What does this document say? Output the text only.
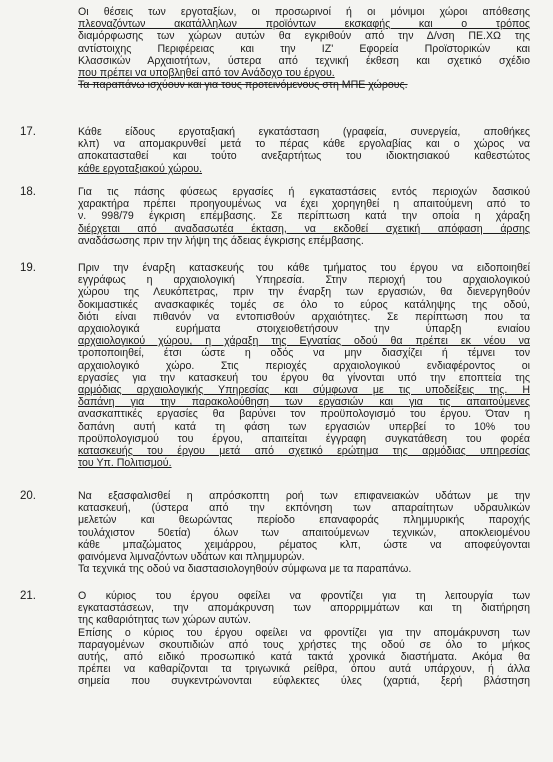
Οι θέσεις των εργοταξίων, οι προσωρινοί ή οι μόνιμοι χώροι απόθεσης
πλεοναζόντων ακατάλληλων προϊόντων εκσκαφής και ο τρόπος
διαμόρφωσης των χώρων αυτών θα εγκριθούν από την Δ/νση ΠΕ.ΧΩ της
αντίστοιχης Περιφέρειας και την ΙΖ' Εφορεία Προϊστορικών και
Κλασσικών Αρχαιοτήτων, ύστερα από τεχνική έκθεση και σχετικό σχέδιο
που πρέπει να υποβληθεί από τον Ανάδοχο του έργου.
Τα παραπάνω ισχύουν και για τους προτεινόμενους στη ΜΠΕ χώρους.
17.	Κάθε είδους εργοταξιακή εγκατάσταση (γραφεία, συνεργεία, αποθήκες
κλπ) να απομακρυνθεί μετά το πέρας κάθε εργολαβίας και ο χώρος να
αποκατασταθεί και τούτο ανεξαρτήτως του ιδιοκτησιακού καθεστώτος
κάθε εργοταξιακού χώρου.
18.	Για τις πάσης φύσεως εργασίες ή εγκαταστάσεις εντός περιοχών δασικού
χαρακτήρα πρέπει προηγουμένως να έχει χορηγηθεί η απαιτούμενη από το
ν. 998/79 έγκριση επέμβασης. Σε περίπτωση κατά την οποία η χάραξη
διέρχεται από αναδασωτέα έκταση, να εκδοθεί σχετική απόφαση άρσης
αναδάσωσης πριν την λήψη της άδειας έγκρισης επέμβασης.
19.	Πριν την έναρξη κατασκευής του κάθε τμήματος του έργου να ειδοποιηθεί
εγγράφως η αρχαιολογική Υπηρεσία. Στην περιοχή του αρχαιολογικού
χώρου της Λευκόπετρας, πριν την έναρξη των εργασιών, θα διενεργηθούν
δοκιμαστικές ανασκαφικές τομές σε όλο το εύρος κατάληψης της οδού,
διότι είναι πιθανόν να εντοπισθούν αρχαιότητες. Σε περίπτωση που τα
αρχαιολογικά ευρήματα στοιχειοθετήσουν την ύπαρξη ενιαίου
αρχαιολογικού χώρου, η χάραξη της Εγνατίας οδού θα πρέπει εκ νέου να
τροποποιηθεί, έτσι ώστε η οδός να μην διασχίζει ή τέμνει τον
αρχαιολογικό χώρο. Στις περιοχές αρχαιολογικού ενδιαφέροντος οι
εργασίες για την κατασκευή του έργου θα γίνονται υπό την εποπτεία της
αρμόδιας αρχαιολογικής Υπηρεσίας και σύμφωνα με τις υποδείξεις της. Η
δαπάνη για την παρακολούθηση των εργασιών και για τις απαιτούμενες
ανασκαπτικές εργασίες θα βαρύνει τον προϋπολογισμό του έργου. Όταν η
δαπάνη αυτή κατά τη φάση των εργασιών υπερβεί το 10% του
προϋπολογισμού του έργου, απαιτείται έγγραφη συγκατάθεση του φορέα
κατασκευής του έργου μετά από σχετικό ερώτημα της αρμόδιας υπηρεσίας
του Υπ. Πολιτισμού.
20.	Να εξασφαλισθεί η απρόσκοπτη ροή των επιφανειακών υδάτων με την
κατασκευή, (ύστερα από την εκπόνηση των απαραίτητων υδραυλικών
μελετών και θεωρώντας περίοδο επαναφοράς πλημμυρικής παροχής
τουλάχιστον 50ετία) όλων των απαιτούμενων τεχνικών, αποκλειομένου
κάθε μπαζώματος χειμάρρου, ρέματος κλπ, ώστε να αποφεύγονται
φαινόμενα λιμναζόντων υδάτων και πλημμυρών.
Τα τεχνικά της οδού να διαστασιολογηθούν σύμφωνα με τα παραπάνω.
21.	Ο κύριος του έργου οφείλει να φροντίζει για τη λειτουργία των
εγκαταστάσεων, την απομάκρυνση των απορριμμάτων και τη διατήρηση
της καθαριότητας των χώρων αυτών.
Επίσης ο κύριος του έργου οφείλει να φροντίζει για την απομάκρυνση των
παραγομένων σκουπιδιών από τους χρήστες της οδού σε όλο το μήκος
αυτής, από ειδικό προσωπικό κατά τακτά χρονικά διαστήματα. Ακόμα θα
πρέπει να καθαρίζονται τα τριγωνικά ρείθρα, όπου αυτά υπάρχουν, ή άλλα
σημεία που συγκεντρώνονται εύφλεκτες ύλες (χαρτιά, ξερή βλάστηση
